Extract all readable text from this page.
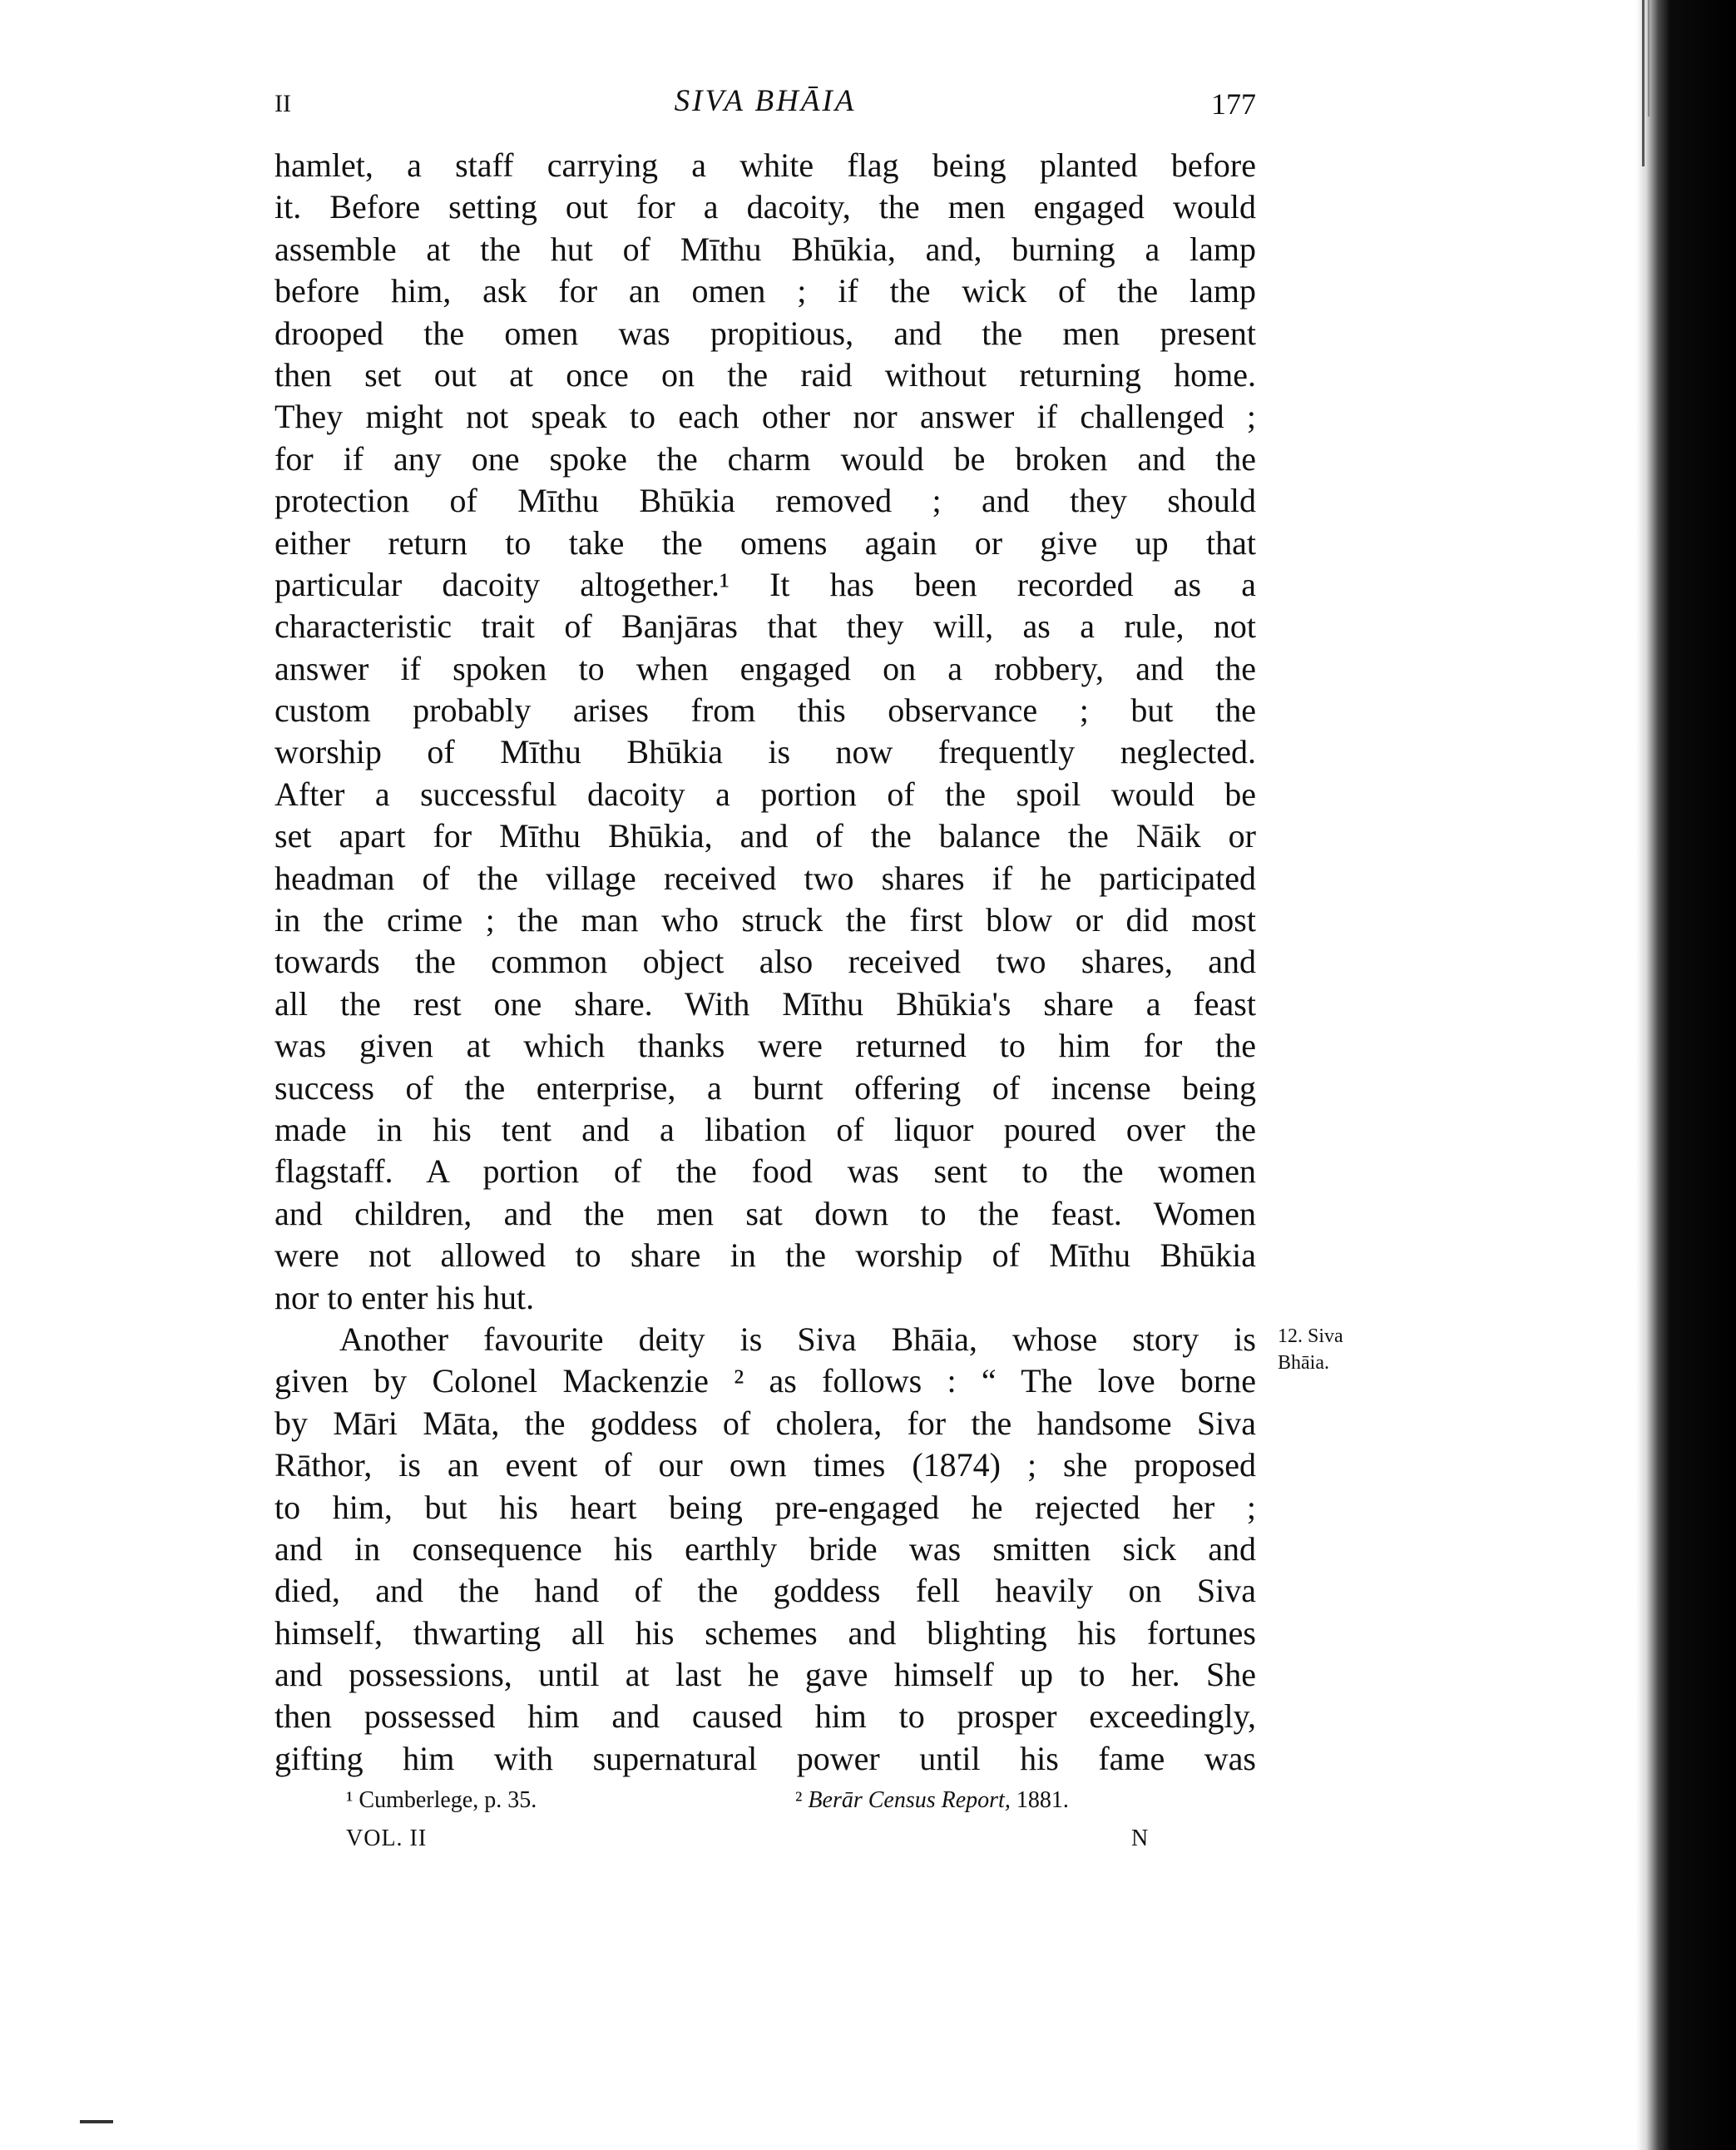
II	SIVA BHĀIA	177
hamlet, a staff carrying a white flag being planted before
it. Before setting out for a dacoity, the men engaged would
assemble at the hut of Mīthu Bhūkia, and, burning a lamp
before him, ask for an omen ; if the wick of the lamp
drooped the omen was propitious, and the men present
then set out at once on the raid without returning home.
They might not speak to each other nor answer if challenged ;
for if any one spoke the charm would be broken and the
protection of Mīthu Bhūkia removed ; and they should
either return to take the omens again or give up that
particular dacoity altogether.¹ It has been recorded as a
characteristic trait of Banjāras that they will, as a rule, not
answer if spoken to when engaged on a robbery, and the
custom probably arises from this observance ; but the
worship of Mīthu Bhūkia is now frequently neglected.
After a successful dacoity a portion of the spoil would be
set apart for Mīthu Bhūkia, and of the balance the Nāik or
headman of the village received two shares if he participated
in the crime ; the man who struck the first blow or did most
towards the common object also received two shares, and
all the rest one share. With Mīthu Bhūkia's share a feast
was given at which thanks were returned to him for the
success of the enterprise, a burnt offering of incense being
made in his tent and a libation of liquor poured over the
flagstaff. A portion of the food was sent to the women
and children, and the men sat down to the feast. Women
were not allowed to share in the worship of Mīthu Bhūkia
nor to enter his hut.
Another favourite deity is Siva Bhāia, whose story is
given by Colonel Mackenzie ² as follows : “ The love borne
by Māri Māta, the goddess of cholera, for the handsome Siva
Rāthor, is an event of our own times (1874) ; she proposed
to him, but his heart being pre-engaged he rejected her ;
and in consequence his earthly bride was smitten sick and
died, and the hand of the goddess fell heavily on Siva
himself, thwarting all his schemes and blighting his fortunes
and possessions, until at last he gave himself up to her. She
then possessed him and caused him to prosper exceedingly,
gifting him with supernatural power until his fame was
12. Siva
Bhāia.
¹ Cumberlege, p. 35.	² Berār Census Report, 1881.
VOL. II	N
